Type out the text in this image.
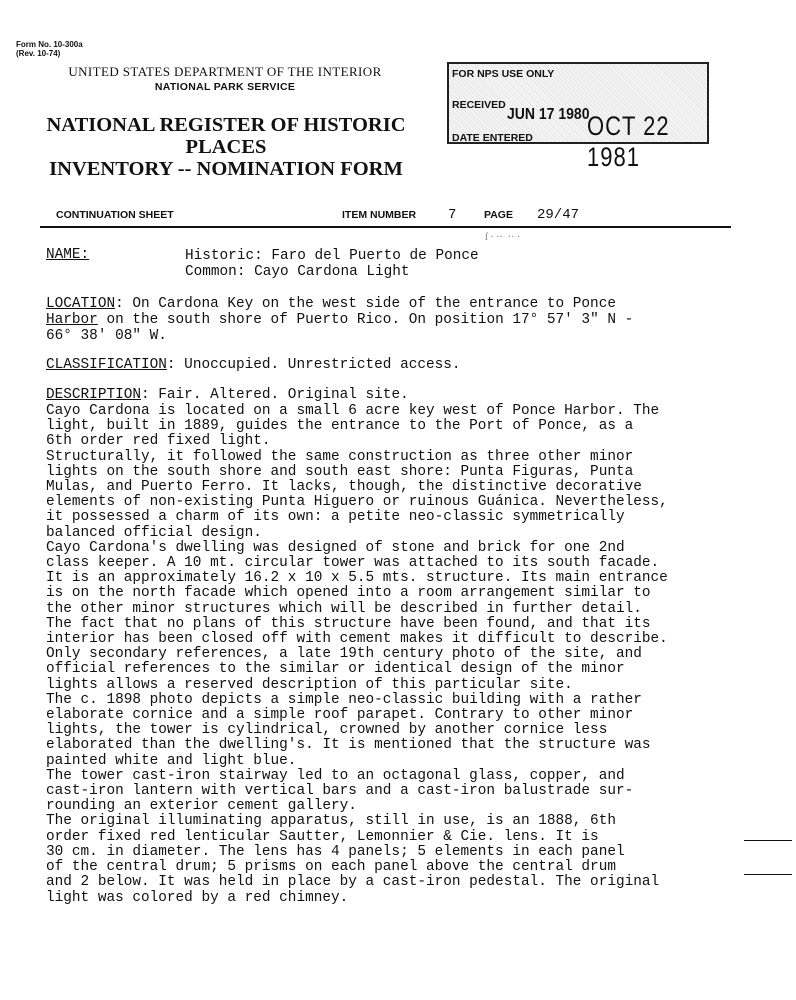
Form No. 10-300a
(Rev. 10-74)
UNITED STATES DEPARTMENT OF THE INTERIOR
NATIONAL PARK SERVICE
NATIONAL REGISTER OF HISTORIC PLACES
INVENTORY -- NOMINATION FORM
FOR NPS USE ONLY
RECEIVED JUN 17 1980
DATE ENTERED OCT 22 1981
CONTINUATION SHEET	ITEM NUMBER 7	PAGE 29/47
ſ · ··  ·· ·
NAME:	Historic: Faro del Puerto de Ponce
Common: Cayo Cardona Light
LOCATION: On Cardona Key on the west side of the entrance to Ponce
Harbor on the south shore of Puerto Rico. On position 17° 57' 3" N -
66° 38' 08" W.
CLASSIFICATION: Unoccupied. Unrestricted access.
DESCRIPTION: Fair. Altered. Original site.
Cayo Cardona is located on a small 6 acre key west of Ponce Harbor. The
light, built in 1889, guides the entrance to the Port of Ponce, as a
6th order red fixed light.
Structurally, it followed the same construction as three other minor
lights on the south shore and south east shore: Punta Figuras, Punta
Mulas, and Puerto Ferro. It lacks, though, the distinctive decorative
elements of non-existing Punta Higuero or ruinous Guánica. Nevertheless,
it possessed a charm of its own: a petite neo-classic symmetrically
balanced official design.
Cayo Cardona's dwelling was designed of stone and brick for one 2nd
class keeper. A 10 mt. circular tower was attached to its south facade.
It is an approximately 16.2 x 10 x 5.5 mts. structure. Its main entrance
is on the north facade which opened into a room arrangement similar to
the other minor structures which will be described in further detail.
The fact that no plans of this structure have been found, and that its
interior has been closed off with cement makes it difficult to describe.
Only secondary references, a late 19th century photo of the site, and
official references to the similar or identical design of the minor
lights allows a reserved description of this particular site.
The c. 1898 photo depicts a simple neo-classic building with a rather
elaborate cornice and a simple roof parapet. Contrary to other minor
lights, the tower is cylindrical, crowned by another cornice less
elaborated than the dwelling's. It is mentioned that the structure was
painted white and light blue.
The tower cast-iron stairway led to an octagonal glass, copper, and
cast-iron lantern with vertical bars and a cast-iron balustrade sur-
rounding an exterior cement gallery.
The original illuminating apparatus, still in use, is an 1888, 6th
order fixed red lenticular Sautter, Lemonnier & Cie. lens. It is
30 cm. in diameter. The lens has 4 panels; 5 elements in each panel
of the central drum; 5 prisms on each panel above the central drum
and 2 below. It was held in place by a cast-iron pedestal. The original
light was colored by a red chimney.
